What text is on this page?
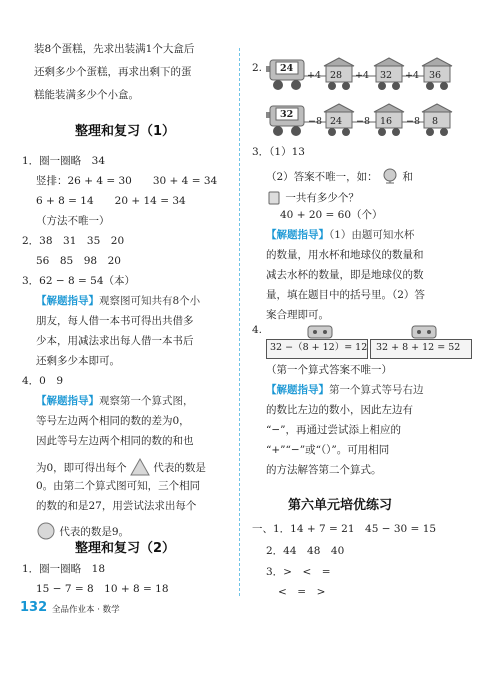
装8个蛋糕，先求出装满1个大盒后
还剩多少个蛋糕，再求出剩下的蛋
糕能装满多少个小盒。
整理和复习（1）
1．圈一圈略　34
竖排：26 + 4 = 30　　30 + 4 = 34
6 + 8 = 14　　20 + 14 = 34
（方法不唯一）
2．38　31　35　20
56　85　98　20
3．62 − 8 = 54（本）
【解题指导】观察图可知共有8个小
朋友，每人借一本书可得出共借多
少本，用减法求出每人借一本书后
还剩多少本即可。
4．0　9
【解题指导】观察第一个算式图，
等号左边两个相同的数的差为0，
因此等号左边两个相同的数的和也
为0，即可得出每个	代表的数是
0。由第二个算式图可知，三个相同
的数的和是27，用尝试法求出每个
代表的数是9。
整理和复习（2）
1．圈一圈略　18
15 − 7 = 8　10 + 8 = 18
2. 24
+4 28 +4 32 +4 36
32
−8 24 −8 16 −8 8
3．（1）13
（2）答案不唯一，如： 和
一共有多少个？
40 + 20 = 60（个）
【解题指导】（1）由题可知水杯
的数量，用水杯和地球仪的数量和
减去水杯的数量，即是地球仪的数
量，填在题目中的括号里。（2）答
案合理即可。
4.
32 −（8 + 12）= 12 32 + 8 + 12 = 52
（第一个算式答案不唯一）
【解题指导】第一个算式等号右边
的数比左边的数小，因此左边有
“−”，再通过尝试添上相应的
“+”“−”或“（）”。可用相同
的方法解答第二个算式。
第六单元培优练习
一、1．14 + 7 = 21　45 − 30 = 15
2．44　48　40
3．>　<　=
<　=　>
132 全品作业本 · 数学
